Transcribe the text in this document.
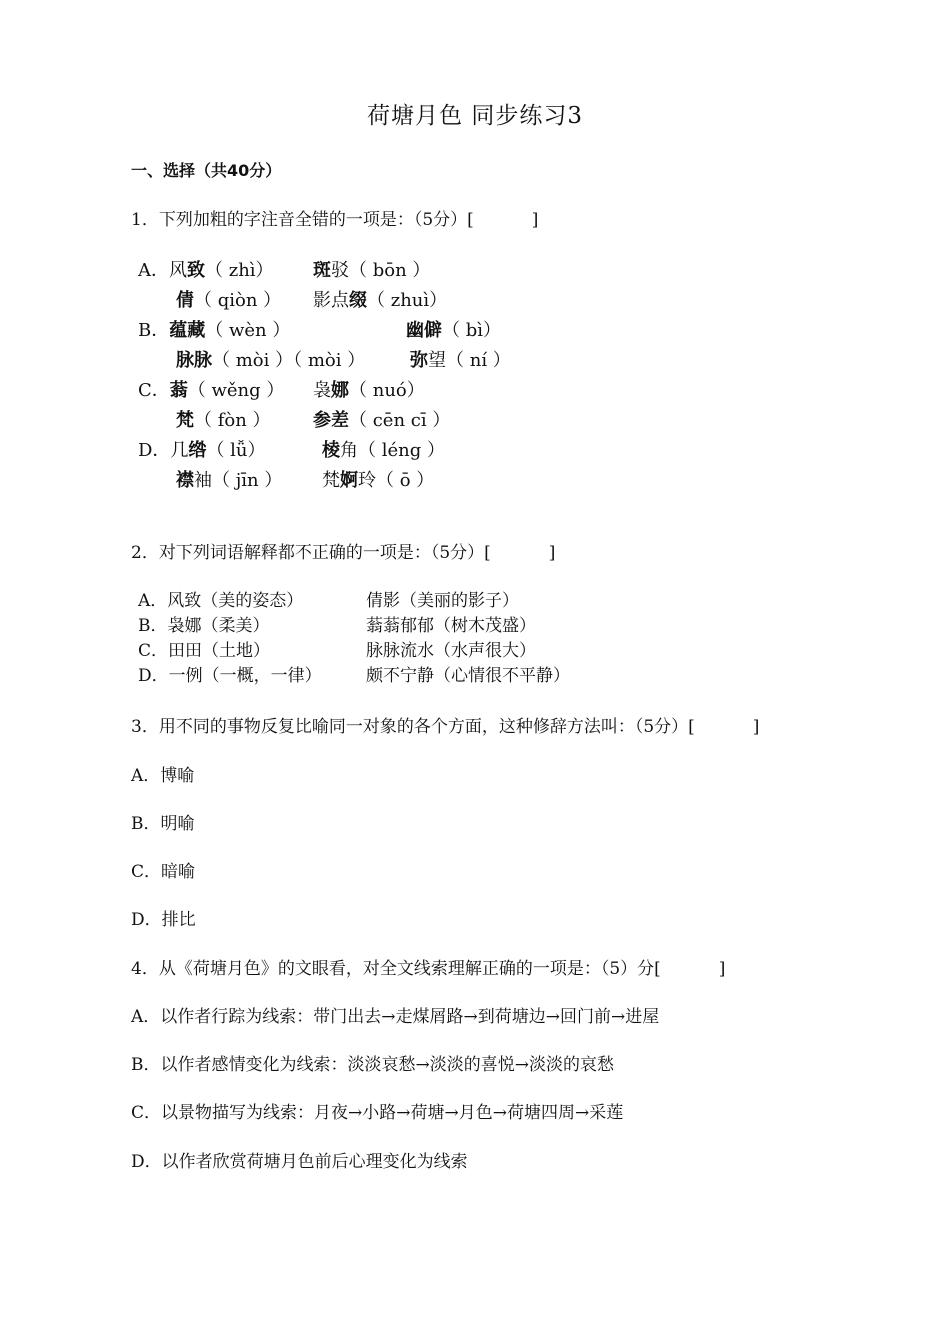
荷塘月色 同步练习3
一、选择（共40分）
1．下列加粗的字注音全错的一项是：（5分）[	]
A．风致（ zhì） 斑驳（ bōn ）
倩（ qiòn ） 影点缀（ zhuì）
B．蕴藏（ wèn ）	幽僻（ bì）
脉脉（ mòi ）（ mòi ） 弥望（ ní ）
C．蓊（ wěng ） 袅娜（ nuó）
梵（ fòn ） 参差（ cēn cī ）
D．几绺（ lǚ）	棱角（ léng ）
襟袖（ jīn ） 梵婀玲（ ō ）
2．对下列词语解释都不正确的一项是：（5分）[	]
A．风致（美的姿态）	倩影（美丽的影子）
B．袅娜（柔美）	蓊蓊郁郁（树木茂盛）
C．田田（土地）	脉脉流水（水声很大）
D．一例（一概，一律）	颇不宁静（心情很不平静）
3．用不同的事物反复比喻同一对象的各个方面，这种修辞方法叫：（5分）[	]
A．博喻
B．明喻
C．暗喻
D．排比
4．从《荷塘月色》的文眼看，对全文线索理解正确的一项是：（5）分[	]
A．以作者行踪为线索：带门出去→走煤屑路→到荷塘边→回门前→进屋
B．以作者感情变化为线索：淡淡哀愁→淡淡的喜悦→淡淡的哀愁
C．以景物描写为线索：月夜→小路→荷塘→月色→荷塘四周→采莲
D．以作者欣赏荷塘月色前后心理变化为线索
